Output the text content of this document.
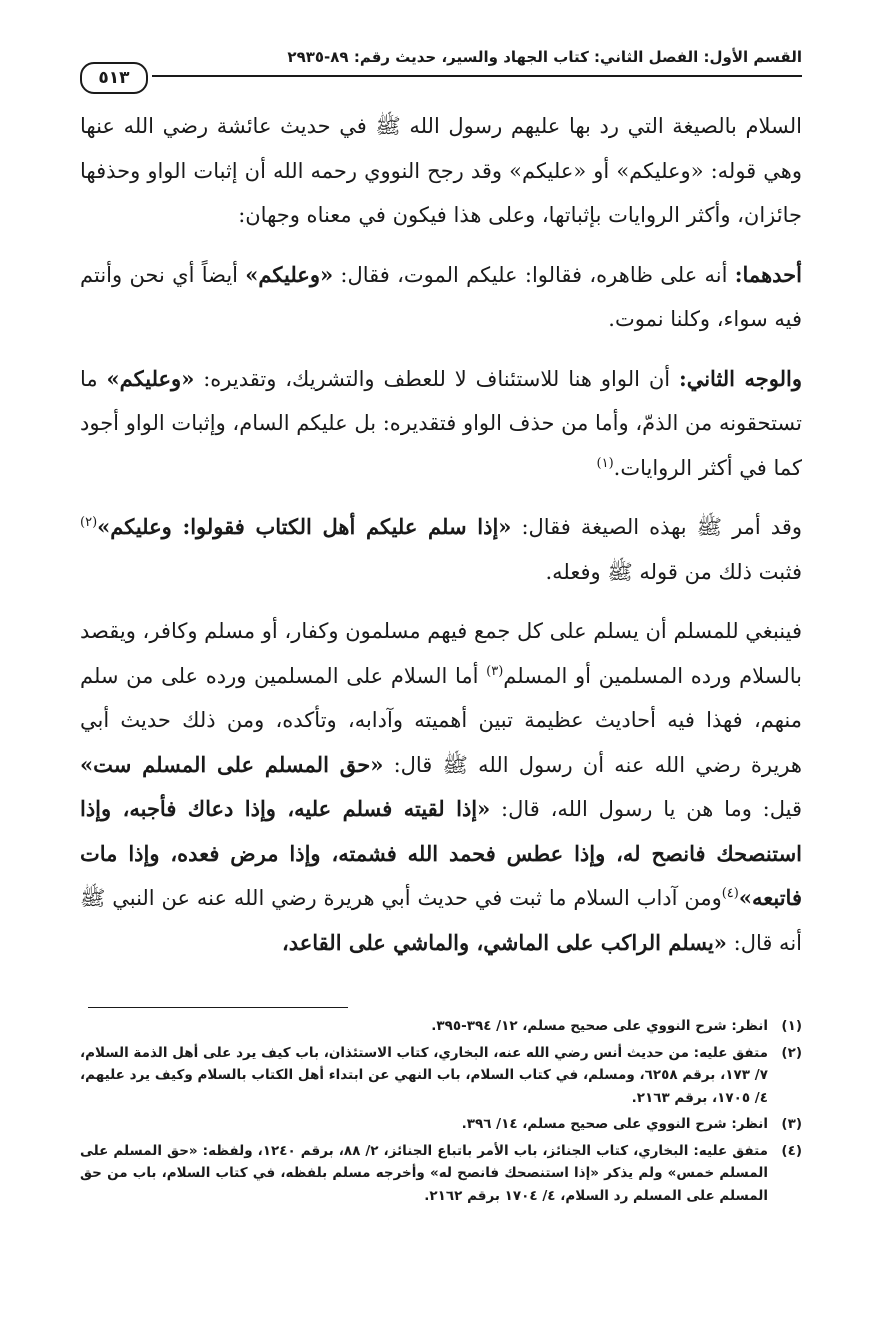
القسم الأول: الفصل الثاني: كتاب الجهاد والسير، حديث رقم: ٨٩-٢٩٣٥
٥١٣

السلام بالصيغة التي رد بها عليهم رسول الله ﷺ في حديث عائشة رضي الله عنها وهي قوله: «وعليكم» أو «عليكم» وقد رجح النووي رحمه الله أن إثبات الواو وحذفها جائزان، وأكثر الروايات بإثباتها، وعلى هذا فيكون في معناه وجهان:

أحدهما: أنه على ظاهره، فقالوا: عليكم الموت، فقال: «وعليكم» أيضاً أي نحن وأنتم فيه سواء، وكلنا نموت.

والوجه الثاني: أن الواو هنا للاستئناف لا للعطف والتشريك، وتقديره: «وعليكم» ما تستحقونه من الذمّ، وأما من حذف الواو فتقديره: بل عليكم السام، وإثبات الواو أجود كما في أكثر الروايات.$^{(١)}$

وقد أمر ﷺ بهذه الصيغة فقال: «إذا سلم عليكم أهل الكتاب فقولوا: وعليكم»$^{(٢)}$ فثبت ذلك من قوله ﷺ وفعله.

فينبغي للمسلم أن يسلم على كل جمع فيهم مسلمون وكفار، أو مسلم وكافر، ويقصد بالسلام ورده المسلمين أو المسلم$^{(٣)}$ أما السلام على المسلمين ورده على من سلم منهم، فهذا فيه أحاديث عظيمة تبين أهميته وآدابه، وتأكده، ومن ذلك حديث أبي هريرة رضي الله عنه أن رسول الله ﷺ قال: «حق المسلم على المسلم ست» قيل: وما هن يا رسول الله، قال: «إذا لقيته فسلم عليه، وإذا دعاك فأجبه، وإذا استنصحك فانصح له، وإذا عطس فحمد الله فشمته، وإذا مرض فعده، وإذا مات فاتبعه»$^{(٤)}$ومن آداب السلام ما ثبت في حديث أبي هريرة رضي الله عنه عن النبي ﷺ أنه قال: «يسلم الراكب على الماشي، والماشي على القاعد،

(١)
انظر: شرح النووي على صحيح مسلم، ١٢/ ٣٩٤-٣٩٥.
(٢)
متفق عليه: من حديث أنس رضي الله عنه، البخاري، كتاب الاستئذان، باب كيف يرد على أهل الذمة السلام، ٧/ ١٧٣، برقم ٦٢٥٨، ومسلم، في كتاب السلام، باب النهي عن ابتداء أهل الكتاب بالسلام وكيف يرد عليهم، ٤/ ١٧٠٥، برقم ٢١٦٣.
(٣)
انظر: شرح النووي على صحيح مسلم، ١٤/ ٣٩٦.
(٤)
متفق عليه: البخاري، كتاب الجنائز، باب الأمر باتباع الجنائز، ٢/ ٨٨، برقم ١٢٤٠، ولفظه: «حق المسلم على المسلم خمس» ولم يذكر «إذا استنصحك فانصح له» وأخرجه مسلم بلفظه، في كتاب السلام، باب من حق المسلم على المسلم رد السلام، ٤/ ١٧٠٤ برقم ٢١٦٢.
